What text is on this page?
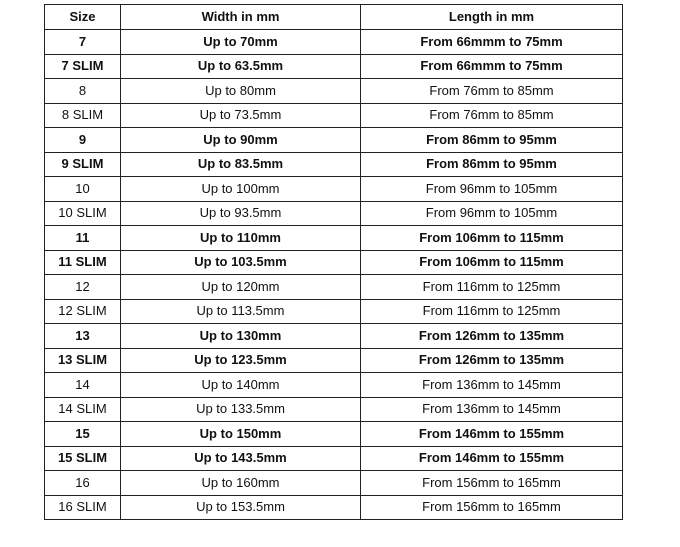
Size	Width in mm	Length in mm
7	Up to 70mm	From 66mmm to 75mm
7 SLIM	Up to 63.5mm	From 66mmm to 75mm
8	Up to 80mm	From 76mm to 85mm
8 SLIM	Up to 73.5mm	From 76mm to 85mm
9	Up to 90mm	From 86mm to 95mm
9 SLIM	Up to 83.5mm	From 86mm to 95mm
10	Up to 100mm	From 96mm to 105mm
10 SLIM	Up to 93.5mm	From 96mm to 105mm
11	Up to 110mm	From 106mm to 115mm
11 SLIM	Up to 103.5mm	From 106mm to 115mm
12	Up to 120mm	From 116mm to 125mm
12 SLIM	Up to 113.5mm	From 116mm to 125mm
13	Up to 130mm	From 126mm to 135mm
13 SLIM	Up to 123.5mm	From 126mm to 135mm
14	Up to 140mm	From 136mm to 145mm
14 SLIM	Up to 133.5mm	From 136mm to 145mm
15	Up to 150mm	From 146mm to 155mm
15 SLIM	Up to 143.5mm	From 146mm to 155mm
16	Up to 160mm	From 156mm to 165mm
16 SLIM	Up to 153.5mm	From 156mm to 165mm
